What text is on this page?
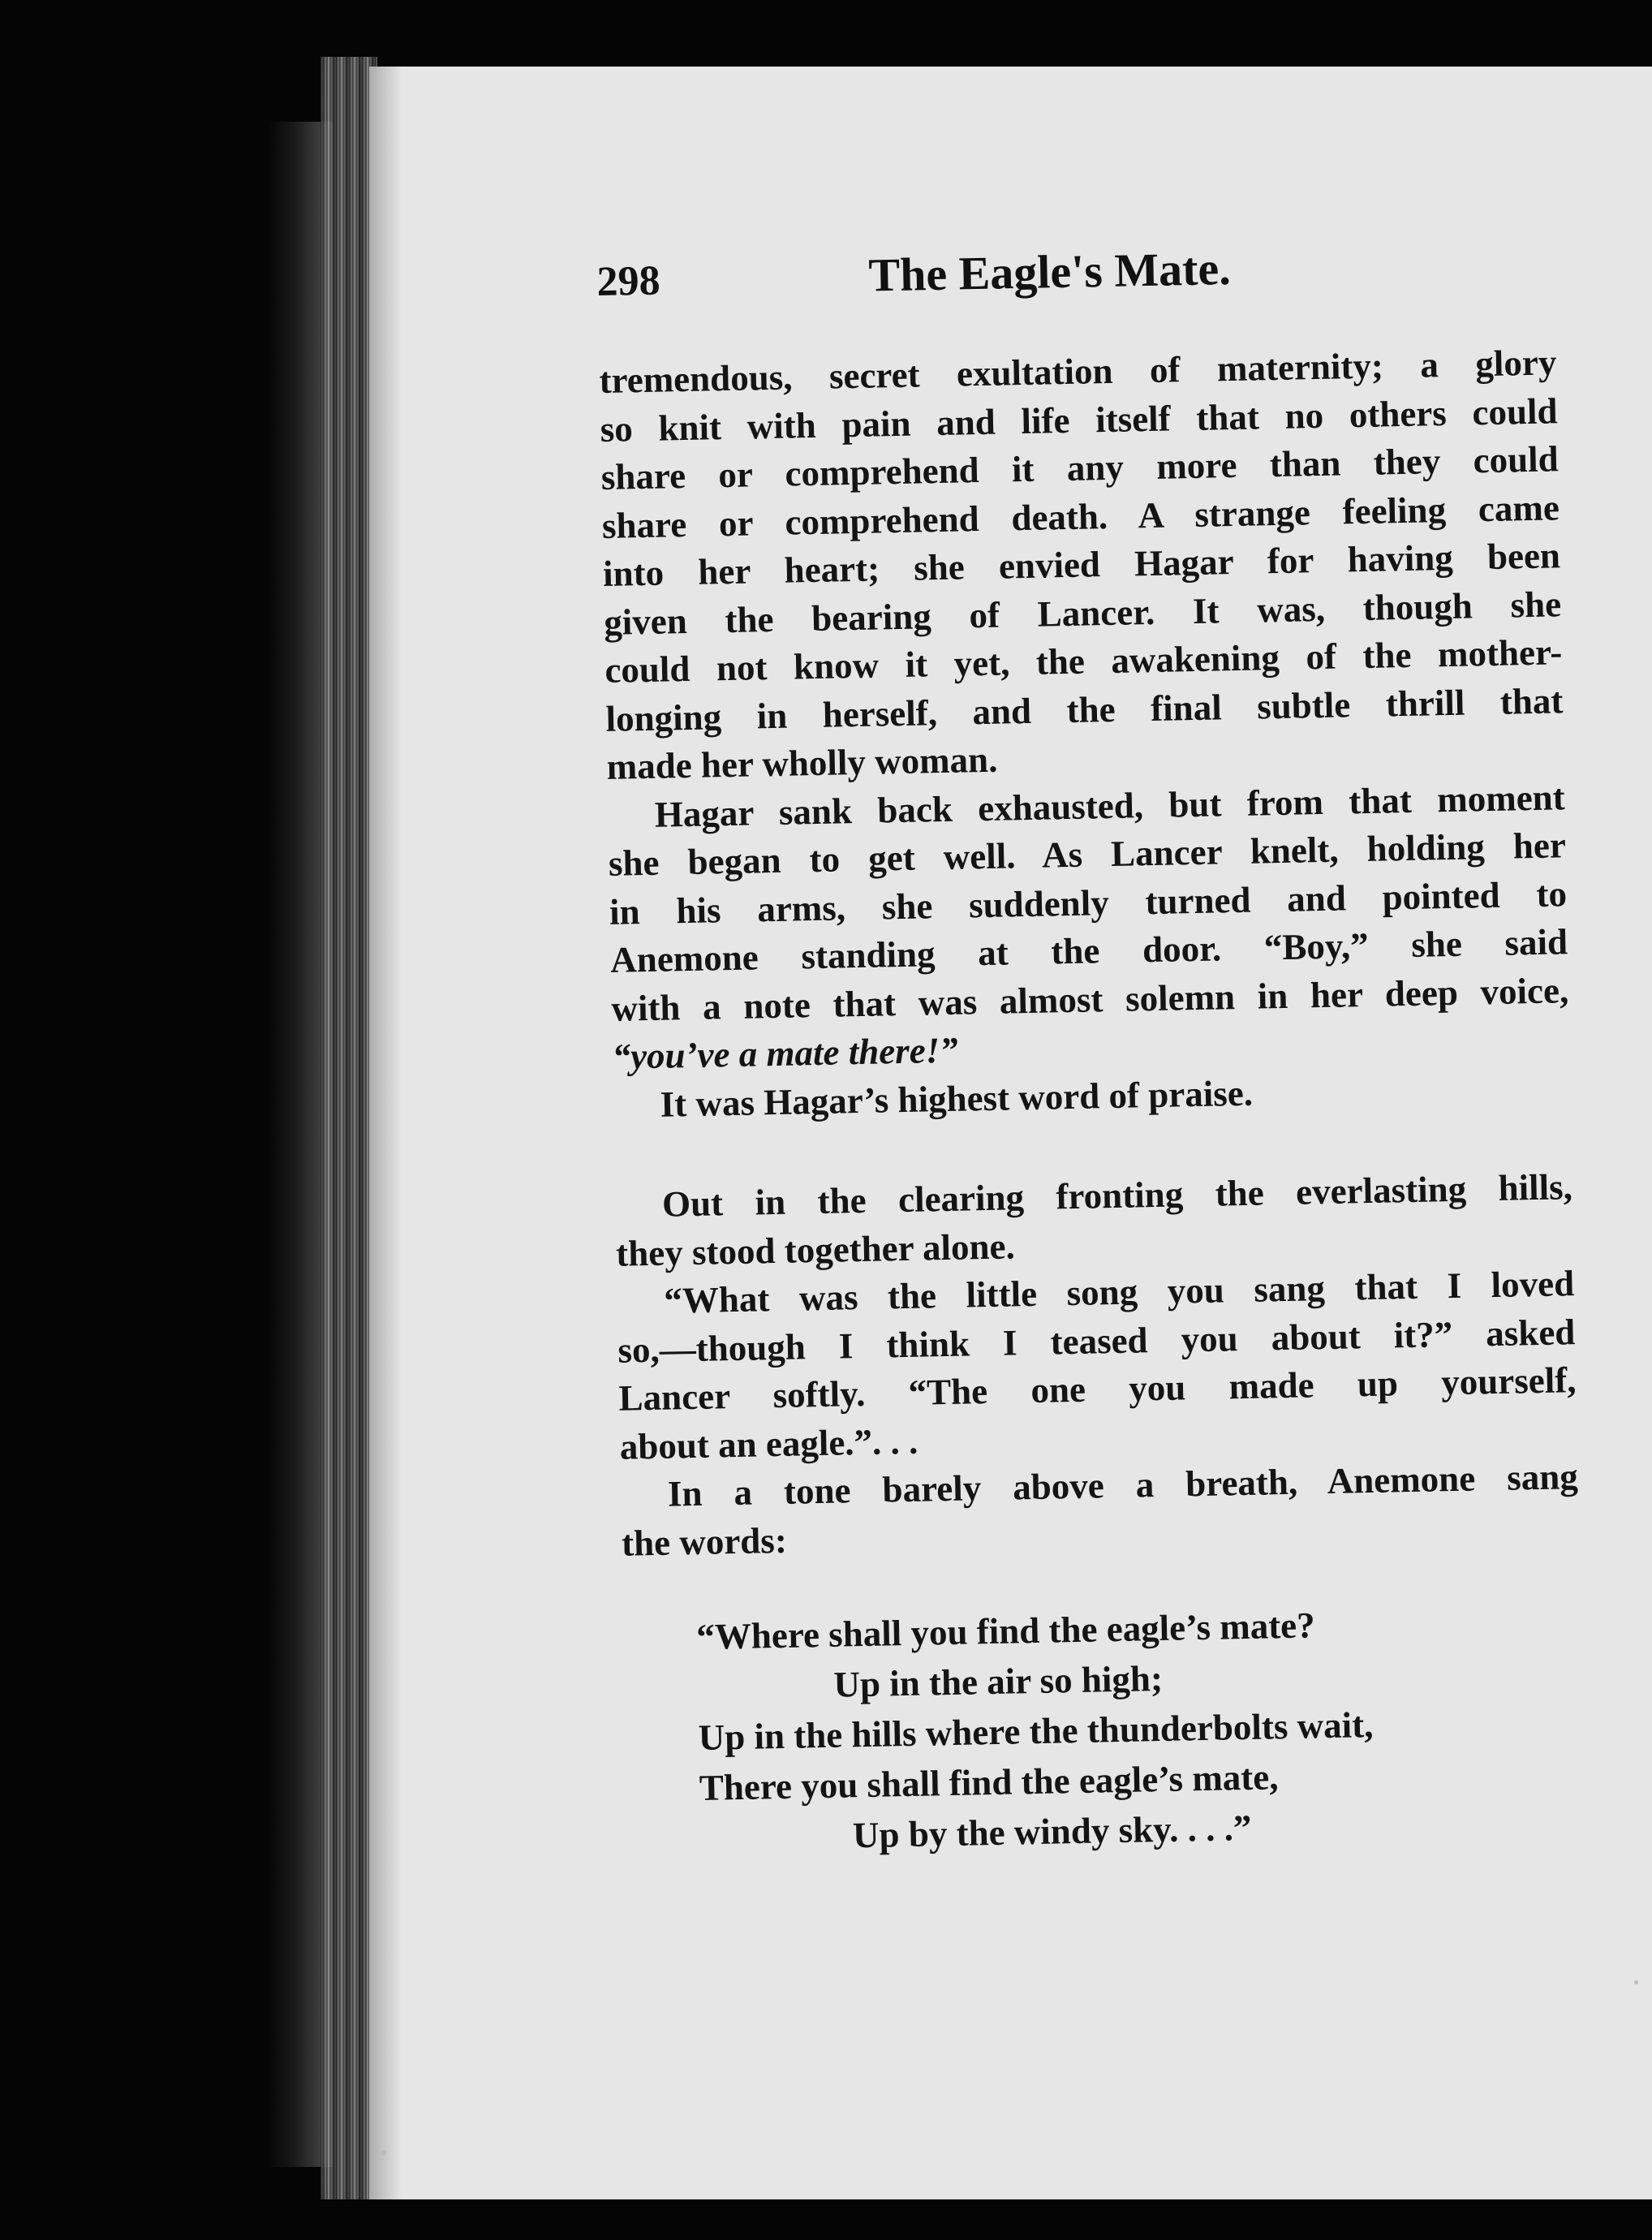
298	The Eagle's Mate.
tremendous, secret exultation of maternity; a glory
so knit with pain and life itself that no others could
share or comprehend it any more than they could
share or comprehend death. A strange feeling came
into her heart; she envied Hagar for having been
given the bearing of Lancer. It was, though she
could not know it yet, the awakening of the mother-
longing in herself, and the final subtle thrill that
made her wholly woman.
Hagar sank back exhausted, but from that moment
she began to get well. As Lancer knelt, holding her
in his arms, she suddenly turned and pointed to
Anemone standing at the door. “Boy,” she said
with a note that was almost solemn in her deep voice,
“you’ve a mate there!”
It was Hagar’s highest word of praise.
Out in the clearing fronting the everlasting hills,
they stood together alone.
“What was the little song you sang that I loved
so,—though I think I teased you about it?” asked
Lancer softly. “The one you made up yourself,
about an eagle.”. . .
In a tone barely above a breath, Anemone sang
the words:
“Where shall you find the eagle’s mate?
Up in the air so high;
Up in the hills where the thunderbolts wait,
There you shall find the eagle’s mate,
Up by the windy sky. . . .”
